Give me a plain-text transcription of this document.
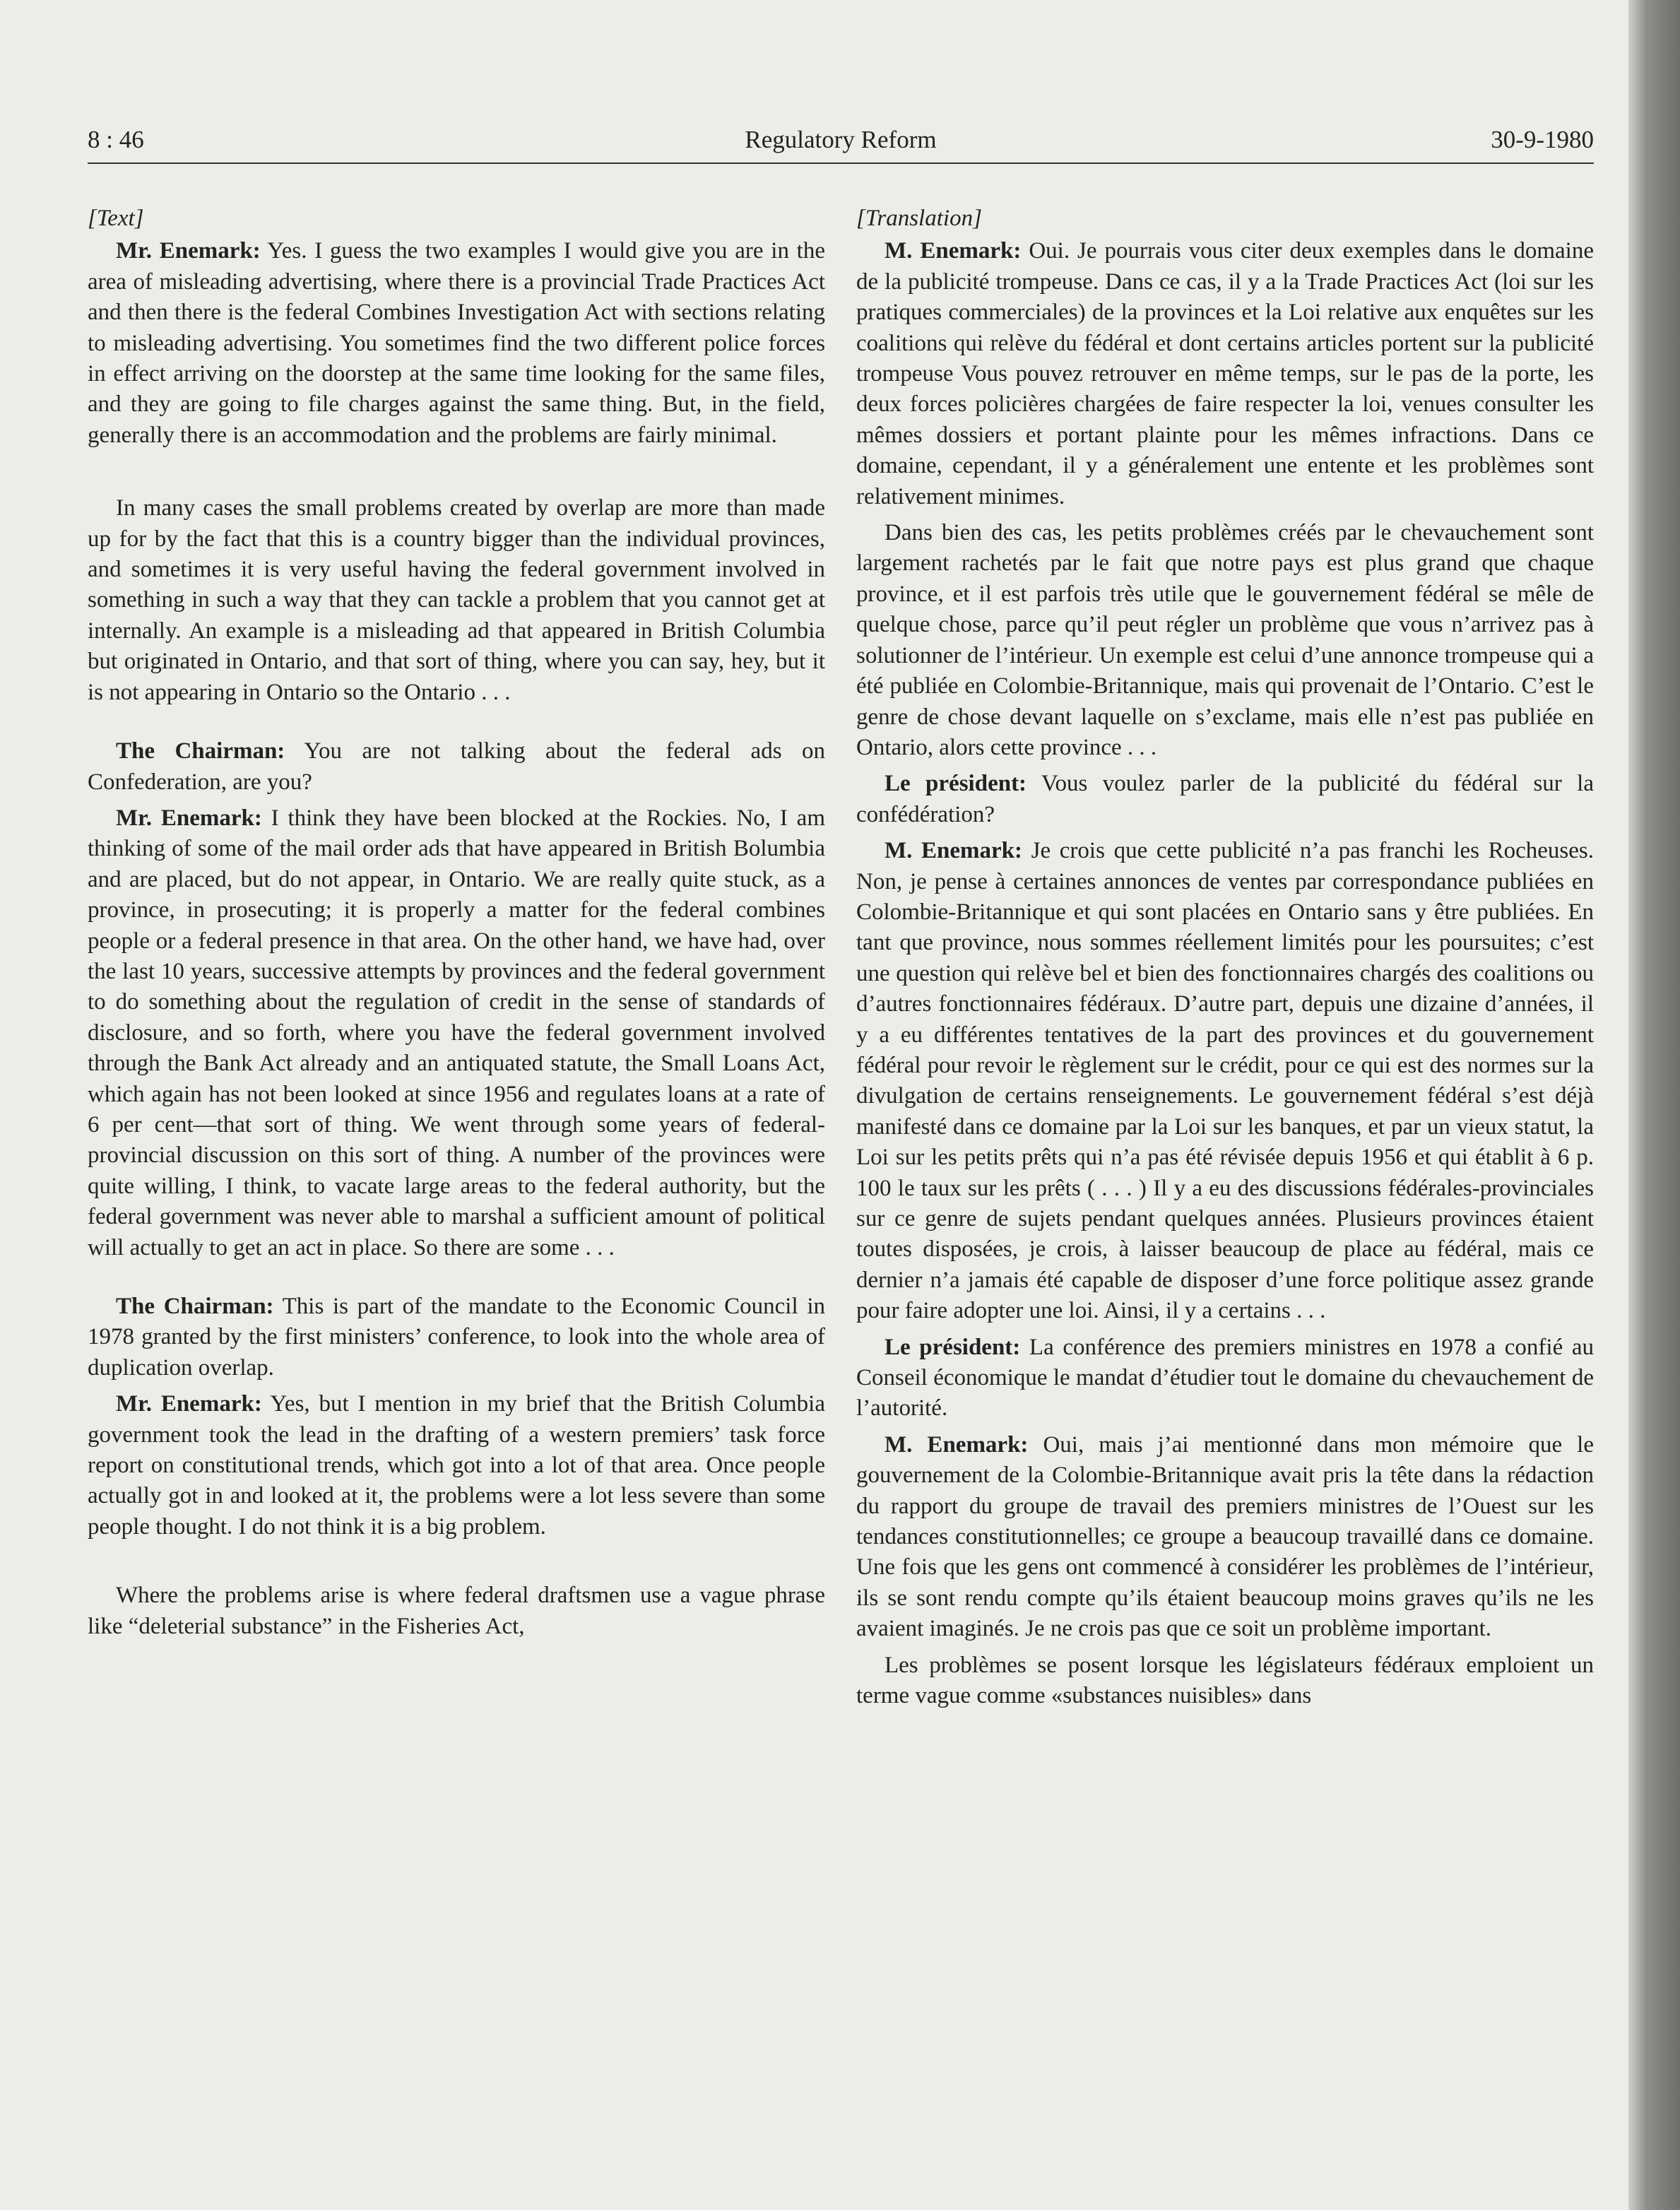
8 : 46	Regulatory Reform	30-9-1980
[Text]

Mr. Enemark: Yes. I guess the two examples I would give you are in the area of misleading advertising, where there is a provincial Trade Practices Act and then there is the federal Combines Investigation Act with sections relating to misleading advertising. You sometimes find the two different police forces in effect arriving on the doorstep at the same time looking for the same files, and they are going to file charges against the same thing. But, in the field, generally there is an accommodation and the problems are fairly minimal.

In many cases the small problems created by overlap are more than made up for by the fact that this is a country bigger than the individual provinces, and sometimes it is very useful having the federal government involved in something in such a way that they can tackle a problem that you cannot get at internally. An example is a misleading ad that appeared in British Columbia but originated in Ontario, and that sort of thing, where you can say, hey, but it is not appearing in Ontario so the Ontario . . .

The Chairman: You are not talking about the federal ads on Confederation, are you?

Mr. Enemark: I think they have been blocked at the Rockies. No, I am thinking of some of the mail order ads that have appeared in British Bolumbia and are placed, but do not appear, in Ontario. We are really quite stuck, as a province, in prosecuting; it is properly a matter for the federal combines people or a federal presence in that area. On the other hand, we have had, over the last 10 years, successive attempts by provinces and the federal government to do something about the regulation of credit in the sense of standards of disclosure, and so forth, where you have the federal government involved through the Bank Act already and an antiquated statute, the Small Loans Act, which again has not been looked at since 1956 and regulates loans at a rate of 6 per cent—that sort of thing. We went through some years of federal-provincial discussion on this sort of thing. A number of the provinces were quite willing, I think, to vacate large areas to the federal authority, but the federal government was never able to marshal a sufficient amount of political will actually to get an act in place. So there are some . . .

The Chairman: This is part of the mandate to the Economic Council in 1978 granted by the first ministers’ conference, to look into the whole area of duplication overlap.

Mr. Enemark: Yes, but I mention in my brief that the British Columbia government took the lead in the drafting of a western premiers’ task force report on constitutional trends, which got into a lot of that area. Once people actually got in and looked at it, the problems were a lot less severe than some people thought. I do not think it is a big problem.

Where the problems arise is where federal draftsmen use a vague phrase like “deleterial substance” in the Fisheries Act,

[Translation]

M. Enemark: Oui. Je pourrais vous citer deux exemples dans le domaine de la publicité trompeuse. Dans ce cas, il y a la Trade Practices Act (loi sur les pratiques commerciales) de la provinces et la Loi relative aux enquêtes sur les coalitions qui relève du fédéral et dont certains articles portent sur la publicité trompeuse Vous pouvez retrouver en même temps, sur le pas de la porte, les deux forces policières chargées de faire respecter la loi, venues consulter les mêmes dossiers et portant plainte pour les mêmes infractions. Dans ce domaine, cependant, il y a généralement une entente et les problèmes sont relativement minimes.

Dans bien des cas, les petits problèmes créés par le chevauchement sont largement rachetés par le fait que notre pays est plus grand que chaque province, et il est parfois très utile que le gouvernement fédéral se mêle de quelque chose, parce qu’il peut régler un problème que vous n’arrivez pas à solutionner de l’intérieur. Un exemple est celui d’une annonce trompeuse qui a été publiée en Colombie-Britannique, mais qui provenait de l’Ontario. C’est le genre de chose devant laquelle on s’exclame, mais elle n’est pas publiée en Ontario, alors cette province . . .

Le président: Vous voulez parler de la publicité du fédéral sur la confédération?

M. Enemark: Je crois que cette publicité n’a pas franchi les Rocheuses. Non, je pense à certaines annonces de ventes par correspondance publiées en Colombie-Britannique et qui sont placées en Ontario sans y être publiées. En tant que province, nous sommes réellement limités pour les poursuites; c’est une question qui relève bel et bien des fonctionnaires chargés des coalitions ou d’autres fonctionnaires fédéraux. D’autre part, depuis une dizaine d’années, il y a eu différentes tentatives de la part des provinces et du gouvernement fédéral pour revoir le règlement sur le crédit, pour ce qui est des normes sur la divulgation de certains renseignements. Le gouvernement fédéral s’est déjà manifesté dans ce domaine par la Loi sur les banques, et par un vieux statut, la Loi sur les petits prêts qui n’a pas été révisée depuis 1956 et qui établit à 6 p. 100 le taux sur les prêts ( . . . ) Il y a eu des discussions fédérales-provinciales sur ce genre de sujets pendant quelques années. Plusieurs provinces étaient toutes disposées, je crois, à laisser beaucoup de place au fédéral, mais ce dernier n’a jamais été capable de disposer d’une force politique assez grande pour faire adopter une loi. Ainsi, il y a certains . . .

Le président: La conférence des premiers ministres en 1978 a confié au Conseil économique le mandat d’étudier tout le domaine du chevauchement de l’autorité.

M. Enemark: Oui, mais j’ai mentionné dans mon mémoire que le gouvernement de la Colombie-Britannique avait pris la tête dans la rédaction du rapport du groupe de travail des premiers ministres de l’Ouest sur les tendances constitutionnelles; ce groupe a beaucoup travaillé dans ce domaine. Une fois que les gens ont commencé à considérer les problèmes de l’intérieur, ils se sont rendu compte qu’ils étaient beaucoup moins graves qu’ils ne les avaient imaginés. Je ne crois pas que ce soit un problème important.

Les problèmes se posent lorsque les législateurs fédéraux emploient un terme vague comme «substances nuisibles» dans
